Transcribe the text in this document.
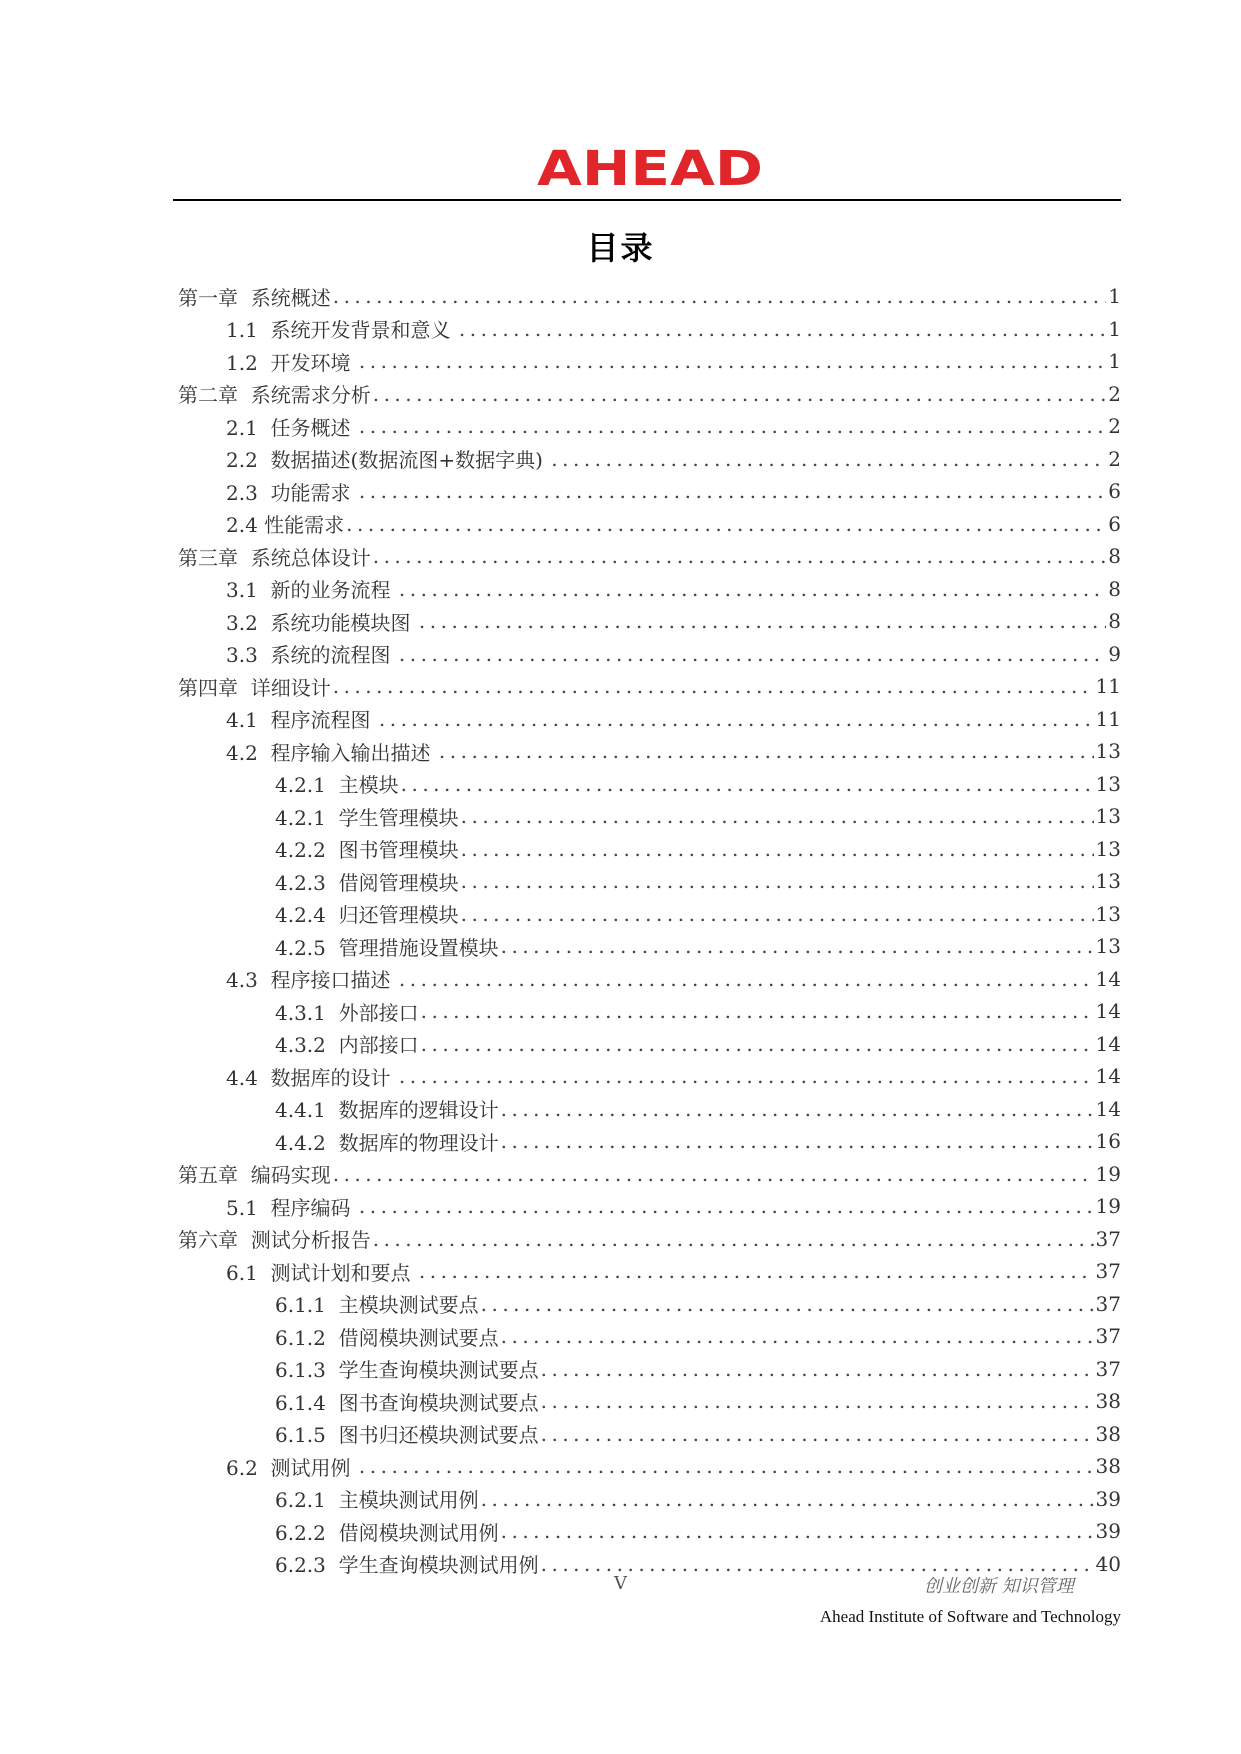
AHEAD
目录
第一章  系统概述 .....	1
1.1  系统开发背景和意义 .....	1
1.2  开发环境 .....	1
第二章  系统需求分析 .....	2
2.1  任务概述 .....	2
2.2  数据描述(数据流图+数据字典) .....	2
2.3  功能需求 .....	6
2.4 性能需求 .....	6
第三章  系统总体设计 .....	8
3.1  新的业务流程 .....	8
3.2  系统功能模块图 .....	8
3.3  系统的流程图 .....	9
第四章  详细设计 .....	11
4.1  程序流程图 .....	11
4.2  程序输入输出描述 .....	13
4.2.1  主模块 .....	13
4.2.1  学生管理模块 .....	13
4.2.2  图书管理模块 .....	13
4.2.3  借阅管理模块 .....	13
4.2.4  归还管理模块 .....	13
4.2.5  管理措施设置模块 .....	13
4.3  程序接口描述 .....	14
4.3.1  外部接口 .....	14
4.3.2  内部接口 .....	14
4.4  数据库的设计 .....	14
4.4.1  数据库的逻辑设计 .....	14
4.4.2  数据库的物理设计 .....	16
第五章  编码实现 .....	19
5.1  程序编码 .....	19
第六章  测试分析报告 .....	37
6.1  测试计划和要点 .....	37
6.1.1  主模块测试要点 .....	37
6.1.2  借阅模块测试要点 .....	37
6.1.3  学生查询模块测试要点 .....	37
6.1.4  图书查询模块测试要点 .....	38
6.1.5  图书归还模块测试要点 .....	38
6.2  测试用例 .....	38
6.2.1  主模块测试用例 .....	39
6.2.2  借阅模块测试用例 .....	39
6.2.3  学生查询模块测试用例 .....	40
V	创业创新 知识管理
Ahead Institute of Software and Technology
